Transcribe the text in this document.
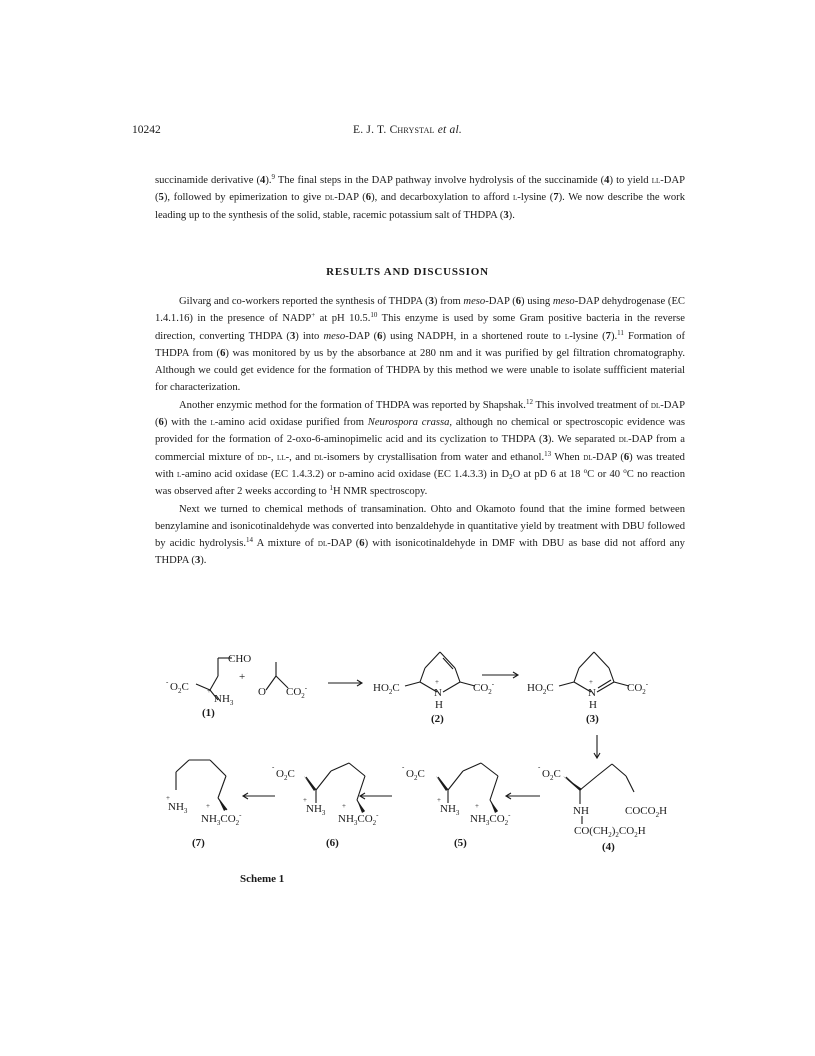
10242	E. J. T. Chrystal et al.

succinamide derivative (4).$^9$ The final steps in the DAP pathway involve hydrolysis of the succinamide (4) to yield ll-DAP (5), followed by epimerization to give dl-DAP (6), and decarboxylation to afford l-lysine (7). We now describe the work leading up to the synthesis of the solid, stable, racemic potassium salt of THDPA (3).

RESULTS AND DISCUSSION

Gilvarg and co-workers reported the synthesis of THDPA (3) from meso-DAP (6) using meso-DAP dehydrogenase (EC 1.4.1.16) in the presence of NADP+ at pH 10.5.10 This enzyme is used by some Gram positive bacteria in the reverse direction, converting THDPA (3) into meso-DAP (6) using NADPH, in a shortened route to l-lysine (7).$^{11}$ Formation of THDPA from (6) was monitored by us by the absorbance at 280 nm and it was purified by gel filtration chromatography. Although we could get evidence for the formation of THDPA by this method we were unable to isolate suffficient material for characterization.

Another enzymic method for the formation of THDPA was reported by Shapshak.$^{12}$ This involved treatment of dl-DAP (6) with the l-amino acid oxidase purified from Neurospora crassa, although no chemical or spectroscopic evidence was provided for the formation of 2-oxo-6-aminopimelic acid and its cyclization to THDPA (3). We separated dl-DAP from a commercial mixture of dd-, ll-, and dl-isomers by crystallisation from water and ethanol.$^{13}$ When dl-DAP (6) was treated with l-amino acid oxidase (EC 1.4.3.2) or d-amino acid oxidase (EC 1.4.3.3) in $D_2O$ at pD 6 at 18 $^o$C or 40 $^o$C no reaction was observed after 2 weeks according to $^1$H NMR spectroscopy.

Next we turned to chemical methods of transamination. Ohto and Okamoto found that the imine formed between benzylamine and isonicotinaldehyde was converted into benzaldehyde in quantitative yield by treatment with DBU followed by acidic hydrolysis.$^{14}$ A mixture of dl-DAP (6) with isonicotinaldehyde in DMF with DBU as base did not afford any THDPA (3).

CHO
+
- $O_2C$	+
$NH_3$
O $CO_2^-$
(1)
$HO_2C$	+
N
H
$CO_2^-$
(2)
$HO_2C$	+
N
H
$CO_2^-$
(3)
-
$O_2C$
NH	$COCO_2H$
$CO(CH_2)_2CO_2H$
(4)
-
$O_2C$
+
$NH_3$
+
$NH_3CO_2^-$
(5)
-
$O_2C$
+
$NH_3$
+
$NH_3CO_2^-$
(6)
+
$NH_3$
+
$NH_3CO_2^-$
(7)
Scheme 1
